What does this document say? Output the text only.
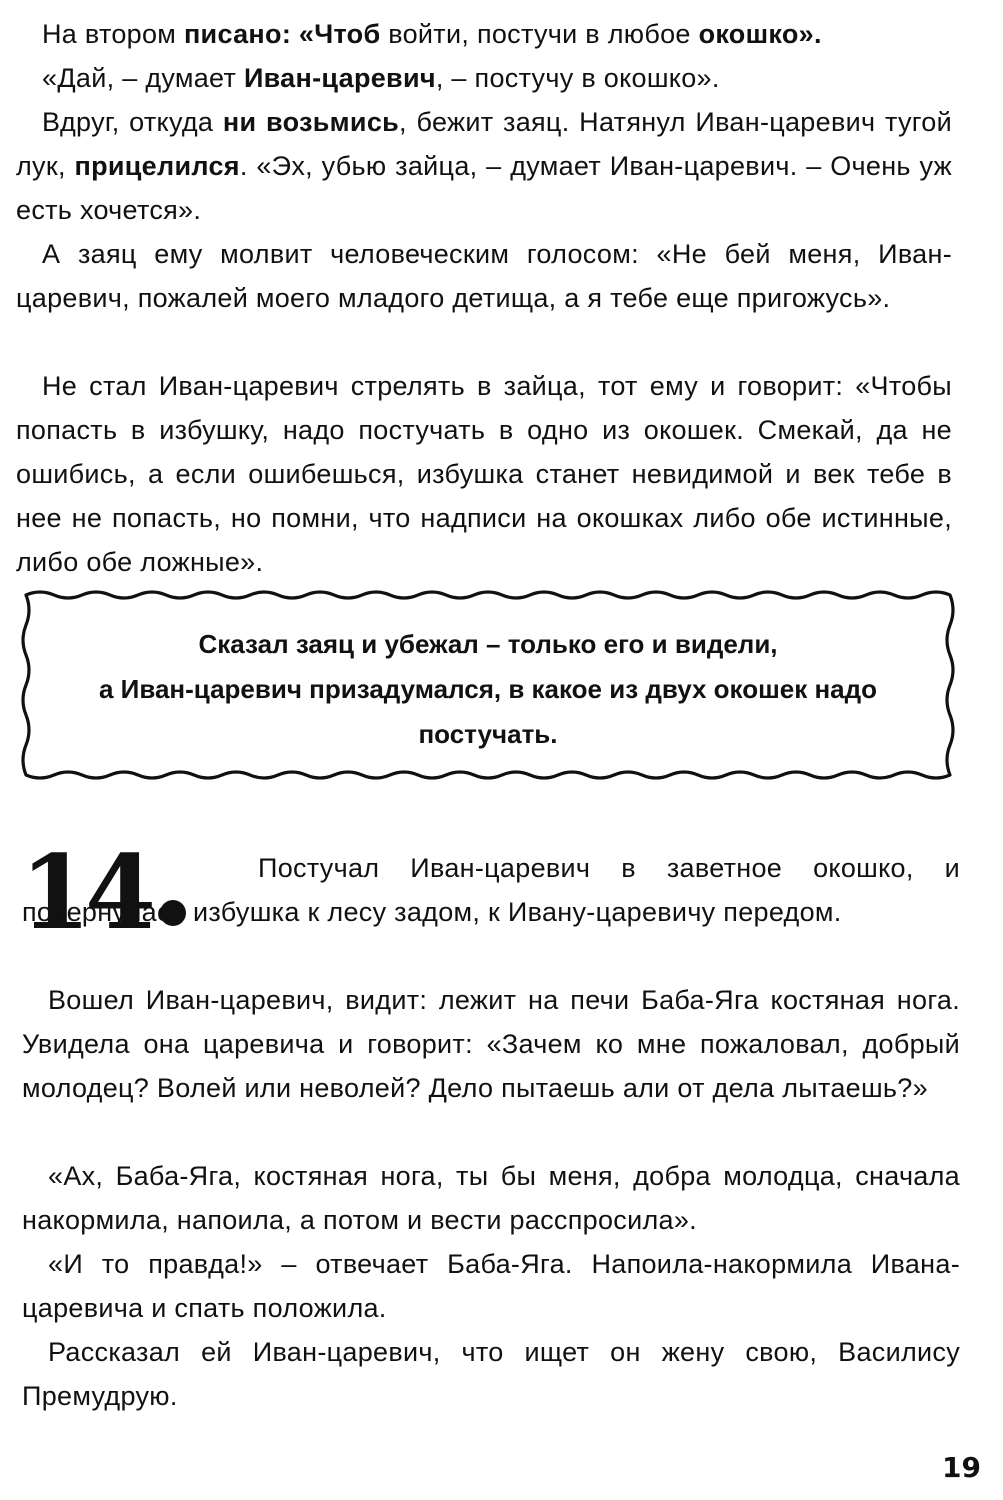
На втором писано: «Чтоб войти, постучи в любое окошко».

«Дай, – думает Иван-царевич, – постучу в окошко».

Вдруг, откуда ни возьмись, бежит заяц. Натянул Иван-царевич тугой лук, прицелился. «Эх, убью зайца, – думает Иван-царевич. – Очень уж есть хочется».

А заяц ему молвит человеческим голосом: «Не бей меня, Иван-царевич, пожалей моего младого детища, а я тебе еще пригожусь».

Не стал Иван-царевич стрелять в зайца, тот ему и говорит: «Чтобы попасть в избушку, надо постучать в одно из окошек. Смекай, да не ошибись, а если ошибешься, избушка станет невидимой и век тебе в нее не попасть, но помни, что надписи на окошках либо обе истинные, либо обе ложные».

Сказал заяц и убежал – только его и видели,
а Иван-царевич призадумался, в какое из двух окошек надо
постучать.
14	Постучал Иван-царевич в заветное окошко, и повернулась избушка к лесу задом, к Ивану-царевичу передом.

Вошел Иван-царевич, видит: лежит на печи Баба-Яга костяная нога. Увидела она царевича и говорит: «Зачем ко мне пожаловал, добрый молодец? Волей или неволей? Дело пытаешь али от дела лытаешь?»

«Ах, Баба-Яга, костяная нога, ты бы меня, добра молодца, сначала накормила, напоила, а потом и вести расспросила».

«И то правда!» – отвечает Баба-Яга. Напоила-накормила Ивана-царевича и спать положила.

Рассказал ей Иван-царевич, что ищет он жену свою, Василису Премудрую.

19
